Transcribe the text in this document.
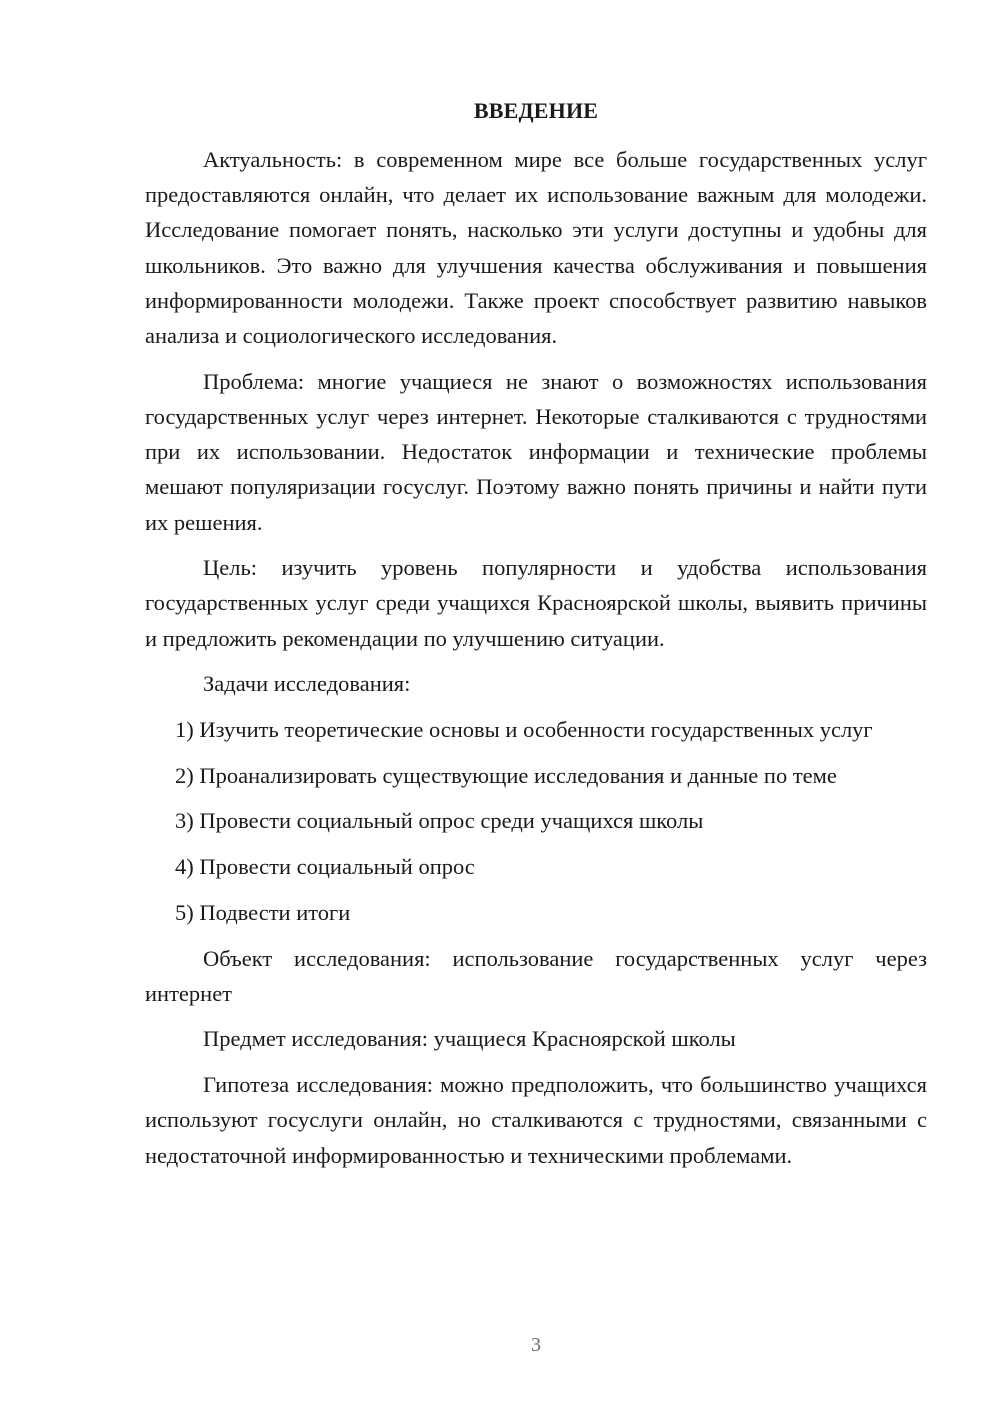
ВВЕДЕНИЕ

Актуальность: в современном мире все больше государственных услуг предоставляются онлайн, что делает их использование важным для молодежи. Исследование помогает понять, насколько эти услуги доступны и удобны для школьников. Это важно для улучшения качества обслуживания и повышения информированности молодежи. Также проект способствует развитию навыков анализа и социологического исследования.

Проблема: многие учащиеся не знают о возможностях использования государственных услуг через интернет. Некоторые сталкиваются с трудностями при их использовании. Недостаток информации и технические проблемы мешают популяризации госуслуг. Поэтому важно понять причины и найти пути их решения.

Цель: изучить уровень популярности и удобства использования государственных услуг среди учащихся Красноярской школы, выявить причины и предложить рекомендации по улучшению ситуации.

Задачи исследования:

1) Изучить теоретические основы и особенности государственных услуг

2) Проанализировать существующие исследования и данные по теме

3) Провести социальный опрос среди учащихся школы

4) Провести социальный опрос

5) Подвести итоги

Объект исследования: использование государственных услуг через интернет

Предмет исследования: учащиеся Красноярской школы

Гипотеза исследования: можно предположить, что большинство учащихся используют госуслуги онлайн, но сталкиваются с трудностями, связанными с недостаточной информированностью и техническими проблемами.

3
